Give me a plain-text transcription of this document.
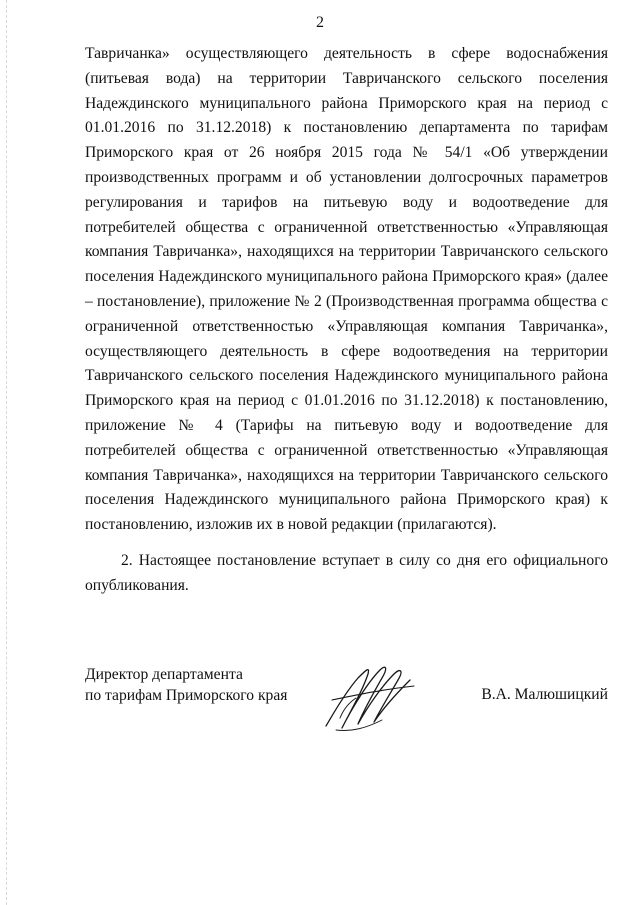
2

Тавричанка» осуществляющего деятельность в сфере водоснабжения (питьевая вода) на территории Тавричанского сельского поселения Надеждинского муниципального района Приморского края на период с 01.01.2016 по 31.12.2018) к постановлению департамента по тарифам Приморского края от 26 ноября 2015 года № 54/1 «Об утверждении производственных программ и об установлении долгосрочных параметров регулирования и тарифов на питьевую воду и водоотведение для потребителей общества с ограниченной ответственностью «Управляющая компания Тавричанка», находящихся на территории Тавричанского сельского поселения Надеждинского муниципального района Приморского края» (далее – постановление), приложение № 2 (Производственная программа общества с ограниченной ответственностью «Управляющая компания Тавричанка», осуществляющего деятельность в сфере водоотведения на территории Тавричанского сельского поселения Надеждинского муниципального района Приморского края на период с 01.01.2016 по 31.12.2018) к постановлению, приложение № 4 (Тарифы на питьевую воду и водоотведение для потребителей общества с ограниченной ответственностью «Управляющая компания Тавричанка», находящихся на территории Тавричанского сельского поселения Надеждинского муниципального района Приморского края) к постановлению, изложив их в новой редакции (прилагаются).

2. Настоящее постановление вступает в силу со дня его официального опубликования.

Директор департамента
по тарифам Приморского края	В.А. Малюшицкий
